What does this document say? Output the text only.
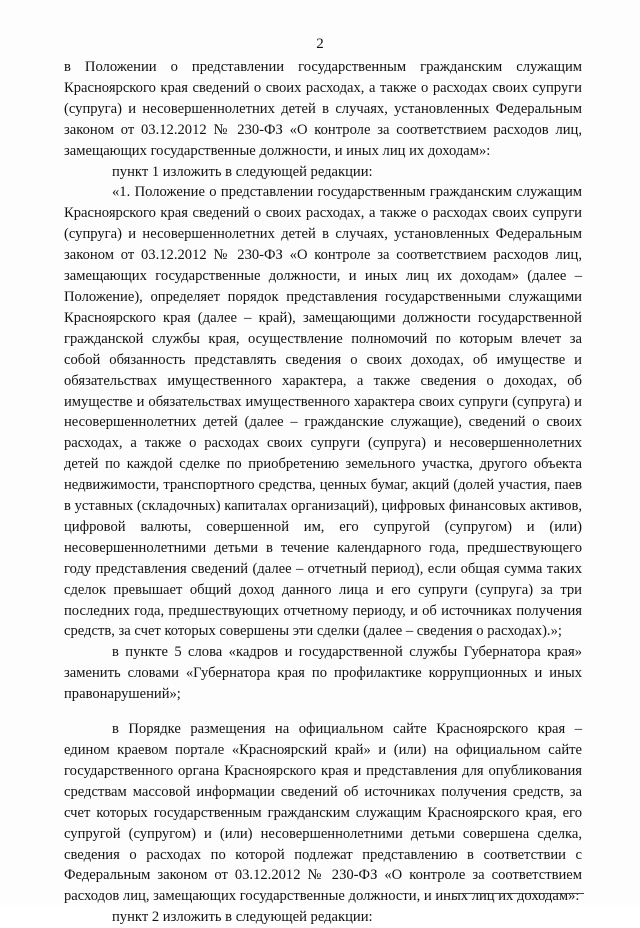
2

в Положении о представлении государственным гражданским служащим Красноярского края сведений о своих расходах, а также о расходах своих супруги (супруга) и несовершеннолетних детей в случаях, установленных Федеральным законом от 03.12.2012 № 230-ФЗ «О контроле за соответствием расходов лиц, замещающих государственные должности, и иных лиц их доходам»:

пункт 1 изложить в следующей редакции:

«1. Положение о представлении государственным гражданским служащим Красноярского края сведений о своих расходах, а также о расходах своих супруги (супруга) и несовершеннолетних детей в случаях, установленных Федеральным законом от 03.12.2012 № 230-ФЗ «О контроле за соответствием расходов лиц, замещающих государственные должности, и иных лиц их доходам» (далее – Положение), определяет порядок представления государственными служащими Красноярского края (далее – край), замещающими должности государственной гражданской службы края, осуществление полномочий по которым влечет за собой обязанность представлять сведения о своих доходах, об имуществе и обязательствах имущественного характера, а также сведения о доходах, об имуществе и обязательствах имущественного характера своих супруги (супруга) и несовершеннолетних детей (далее – гражданские служащие), сведений о своих расходах, а также о расходах своих супруги (супруга) и несовершеннолетних детей по каждой сделке по приобретению земельного участка, другого объекта недвижимости, транспортного средства, ценных бумаг, акций (долей участия, паев в уставных (складочных) капиталах организаций), цифровых финансовых активов, цифровой валюты, совершенной им, его супругой (супругом) и (или) несовершеннолетними детьми в течение календарного года, предшествующего году представления сведений (далее – отчетный период), если общая сумма таких сделок превышает общий доход данного лица и его супруги (супруга) за три последних года, предшествующих отчетному периоду, и об источниках получения средств, за счет которых совершены эти сделки (далее – сведения о расходах).»;

в пункте 5 слова «кадров и государственной службы Губернатора края» заменить словами «Губернатора края по профилактике коррупционных и иных правонарушений»;

в Порядке размещения на официальном сайте Красноярского края – едином краевом портале «Красноярский край» и (или) на официальном сайте государственного органа Красноярского края и представления для опубликования средствам массовой информации сведений об источниках получения средств, за счет которых государственным гражданским служащим Красноярского края, его супругой (супругом) и (или) несовершеннолетними детьми совершена сделка, сведения о расходах по которой подлежат представлению в соответствии с Федеральным законом от 03.12.2012 № 230-ФЗ «О контроле за соответствием расходов лиц, замещающих государственные должности, и иных лиц их доходам»:

пункт 2 изложить в следующей редакции:
